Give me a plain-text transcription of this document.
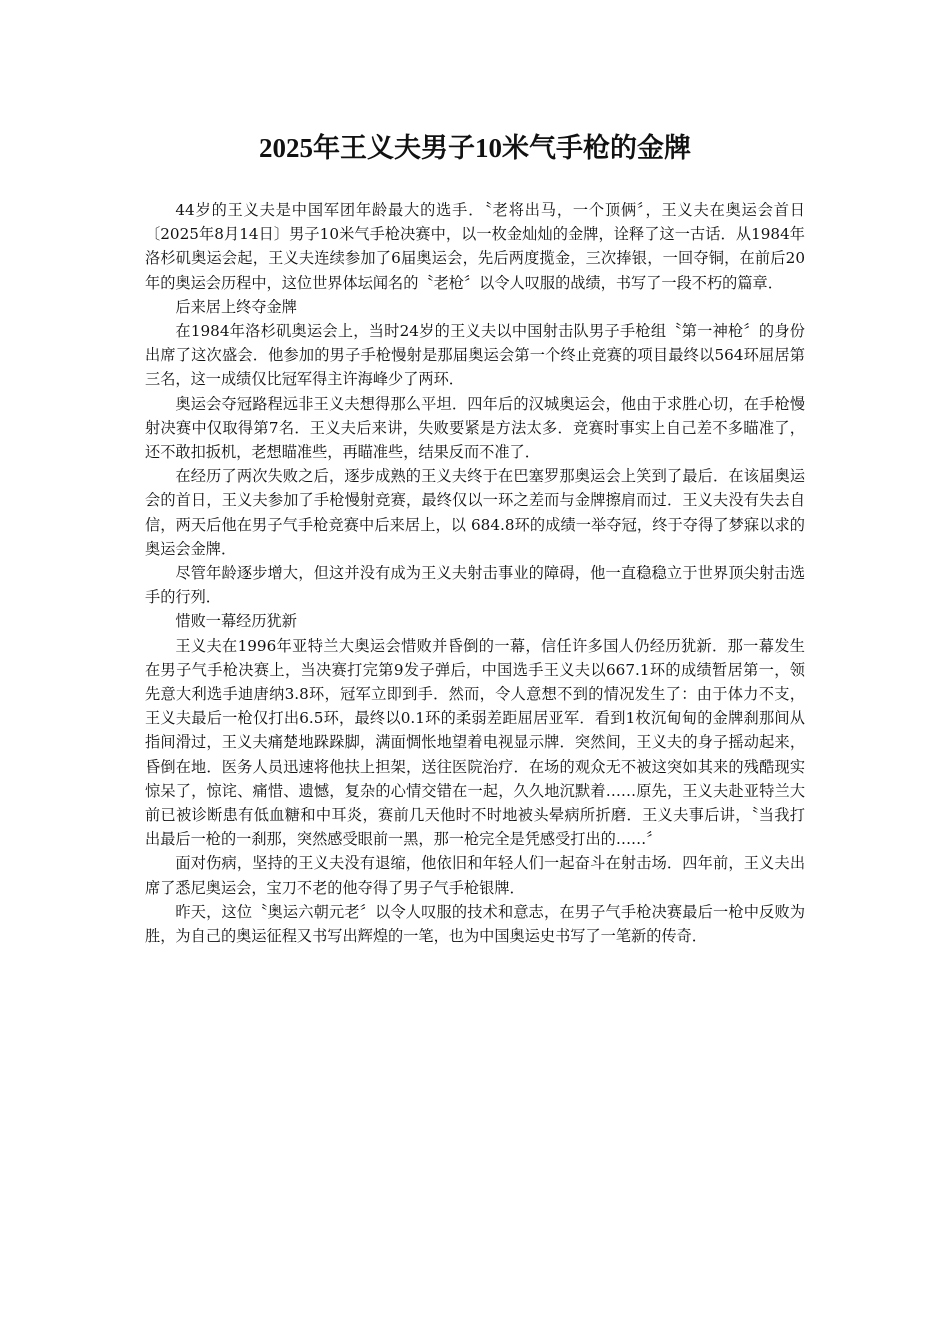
2025年王义夫男子10米气手枪的金牌

44岁的王义夫是中国军团年龄最大的选手．〝老将出马，一个顶俩〞，王义夫在奥运会首日〔2025年8月14日〕男子10米气手枪决赛中，以一枚金灿灿的金牌，诠释了这一古话．从1984年洛杉矶奥运会起，王义夫连续参加了6届奥运会，先后两度揽金，三次捧银，一回夺铜，在前后20年的奥运会历程中，这位世界体坛闻名的〝老枪〞以令人叹服的战绩，书写了一段不朽的篇章．

后来居上终夺金牌

在1984年洛杉矶奥运会上，当时24岁的王义夫以中国射击队男子手枪组〝第一神枪〞的身份出席了这次盛会．他参加的男子手枪慢射是那届奥运会第一个终止竞赛的项目最终以564环屈居第三名，这一成绩仅比冠军得主许海峰少了两环．

奥运会夺冠路程远非王义夫想得那么平坦．四年后的汉城奥运会，他由于求胜心切，在手枪慢射决赛中仅取得第7名．王义夫后来讲，失败要紧是方法太多．竞赛时事实上自己差不多瞄准了，还不敢扣扳机，老想瞄准些，再瞄准些，结果反而不准了．

在经历了两次失败之后，逐步成熟的王义夫终于在巴塞罗那奥运会上笑到了最后．在该届奥运会的首日，王义夫参加了手枪慢射竞赛，最终仅以一环之差而与金牌擦肩而过．王义夫没有失去自信，两天后他在男子气手枪竞赛中后来居上，以 684.8环的成绩一举夺冠，终于夺得了梦寐以求的奥运会金牌．

尽管年龄逐步增大，但这并没有成为王义夫射击事业的障碍，他一直稳稳立于世界顶尖射击选手的行列．

惜败一幕经历犹新

王义夫在1996年亚特兰大奥运会惜败并昏倒的一幕，信任许多国人仍经历犹新．那一幕发生在男子气手枪决赛上，当决赛打完第9发子弹后，中国选手王义夫以667.1环的成绩暂居第一，领先意大利选手迪唐纳3.8环，冠军立即到手．然而，令人意想不到的情况发生了：由于体力不支，王义夫最后一枪仅打出6.5环，最终以0.1环的柔弱差距屈居亚军．看到1枚沉甸甸的金牌刹那间从指间滑过，王义夫痛楚地跺跺脚，满面惆怅地望着电视显示牌．突然间，王义夫的身子摇动起来，昏倒在地．医务人员迅速将他扶上担架，送往医院治疗．在场的观众无不被这突如其来的残酷现实惊呆了，惊诧、痛惜、遗憾，复杂的心情交错在一起，久久地沉默着……原先，王义夫赴亚特兰大前已被诊断患有低血糖和中耳炎，赛前几天他时不时地被头晕病所折磨．王义夫事后讲，〝当我打出最后一枪的一刹那，突然感受眼前一黑，那一枪完全是凭感受打出的……〞

面对伤病，坚持的王义夫没有退缩，他依旧和年轻人们一起奋斗在射击场．四年前，王义夫出席了悉尼奥运会，宝刀不老的他夺得了男子气手枪银牌．

昨天，这位〝奥运六朝元老〞以令人叹服的技术和意志，在男子气手枪决赛最后一枪中反败为胜，为自己的奥运征程又书写出辉煌的一笔，也为中国奥运史书写了一笔新的传奇．
